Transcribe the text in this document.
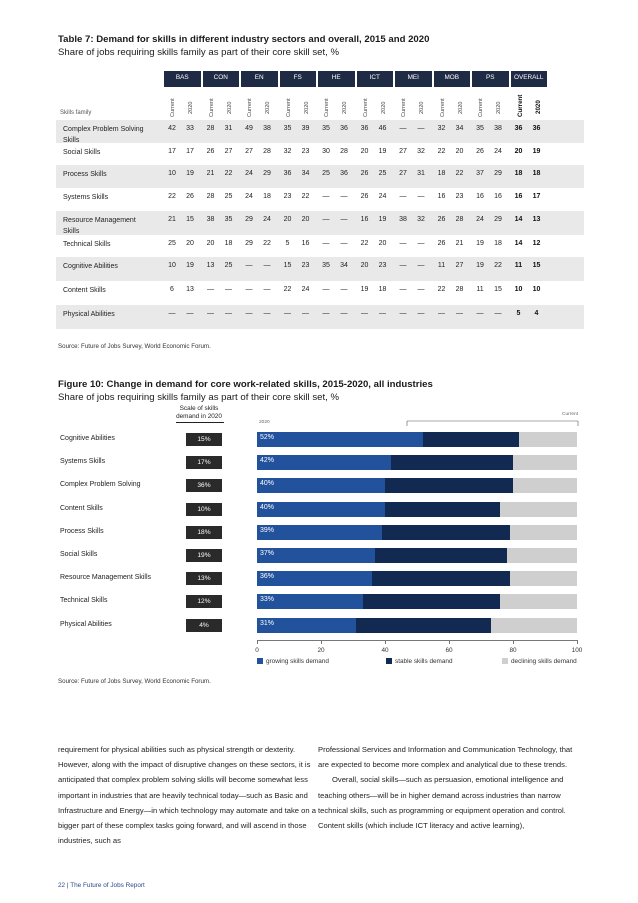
Table 7: Demand for skills in different industry sectors and overall, 2015 and 2020
Share of jobs requiring skills family as part of their core skill set, %
BAS
Current 2020
CON
Current 2020
EN
Current 2020
FS
Current 2020
HE
Current 2020
ICT
Current 2020
MEI
Current 2020
MOB
Current 2020
PS
Current 2020
OVERALL
Current 2020
Skills family
Complex Problem Solving Skills
42	33	28	31	49	38	35	39	35	36	36	46	—	—	32	34	35	38	36	36
Social Skills	17	17	26	27	27	28	32	23	30	28	20	19	27	32	22	20	26	24	20	19
Process Skills	10	19	21	22	24	29	36	34	25	36	26	25	27	31	18	22	37	29	18	18
Systems Skills	22	26	28	25	24	18	23	22	—	—	26	24	—	—	16	23	16	16	16	17
Resource Management Skills
21	15	38	35	29	24	20	20	—	—	16	19	38	32	26	28	24	29	14	13
Technical Skills	25	20	20	18	29	22	5	16	—	—	22	20	—	—	26	21	19	18	14	12
Cognitive Abilities	10	19	13	25	—	—	15	23	35	34	20	23	—	—	11	27	19	22	11	15
Content Skills	6	13	—	—	—	—	22	24	—	—	19	18	—	—	22	28	11	15	10	10
Physical Abilities	—	—	—	—	—	—	—	—	—	—	—	—	—	—	—	—	—	—	5	4
Source: Future of Jobs Survey, World Economic Forum.
Figure 10: Change in demand for core work-related skills, 2015-2020, all industries
Share of jobs requiring skills family as part of their core skill set, %
Scale of skills
demand in 2020
2020
Current
Cognitive Abilities	15%	52%
Systems Skills	17%	42%
Complex Problem Solving	36%	40%
Content Skills	10%	40%
Process Skills	18%	39%
Social Skills	19%	37%
Resource Management Skills	13%	36%
Technical Skills	12%	33%
Physical Abilities	4%	31%
0	20	40	60	80	100
growing skills demand	stable skills demand	declining skills demand
Source: Future of Jobs Survey, World Economic Forum.

requirement for physical abilities such as physical strength or dexterity. However, along with the impact of disruptive changes on these sectors, it is anticipated that complex problem solving skills will become somewhat less important in industries that are heavily technical today—such as Basic and Infrastructure and Energy—in which technology may automate and take on a bigger part of these complex tasks going forward, and will ascend in those industries, such as

Professional Services and Information and Communication Technology, that are expected to become more complex and analytical due to these trends.

Overall, social skills—such as persuasion, emotional intelligence and teaching others—will be in higher demand across industries than narrow technical skills, such as programming or equipment operation and control. Content skills (which include ICT literacy and active learning),

22 | The Future of Jobs Report
